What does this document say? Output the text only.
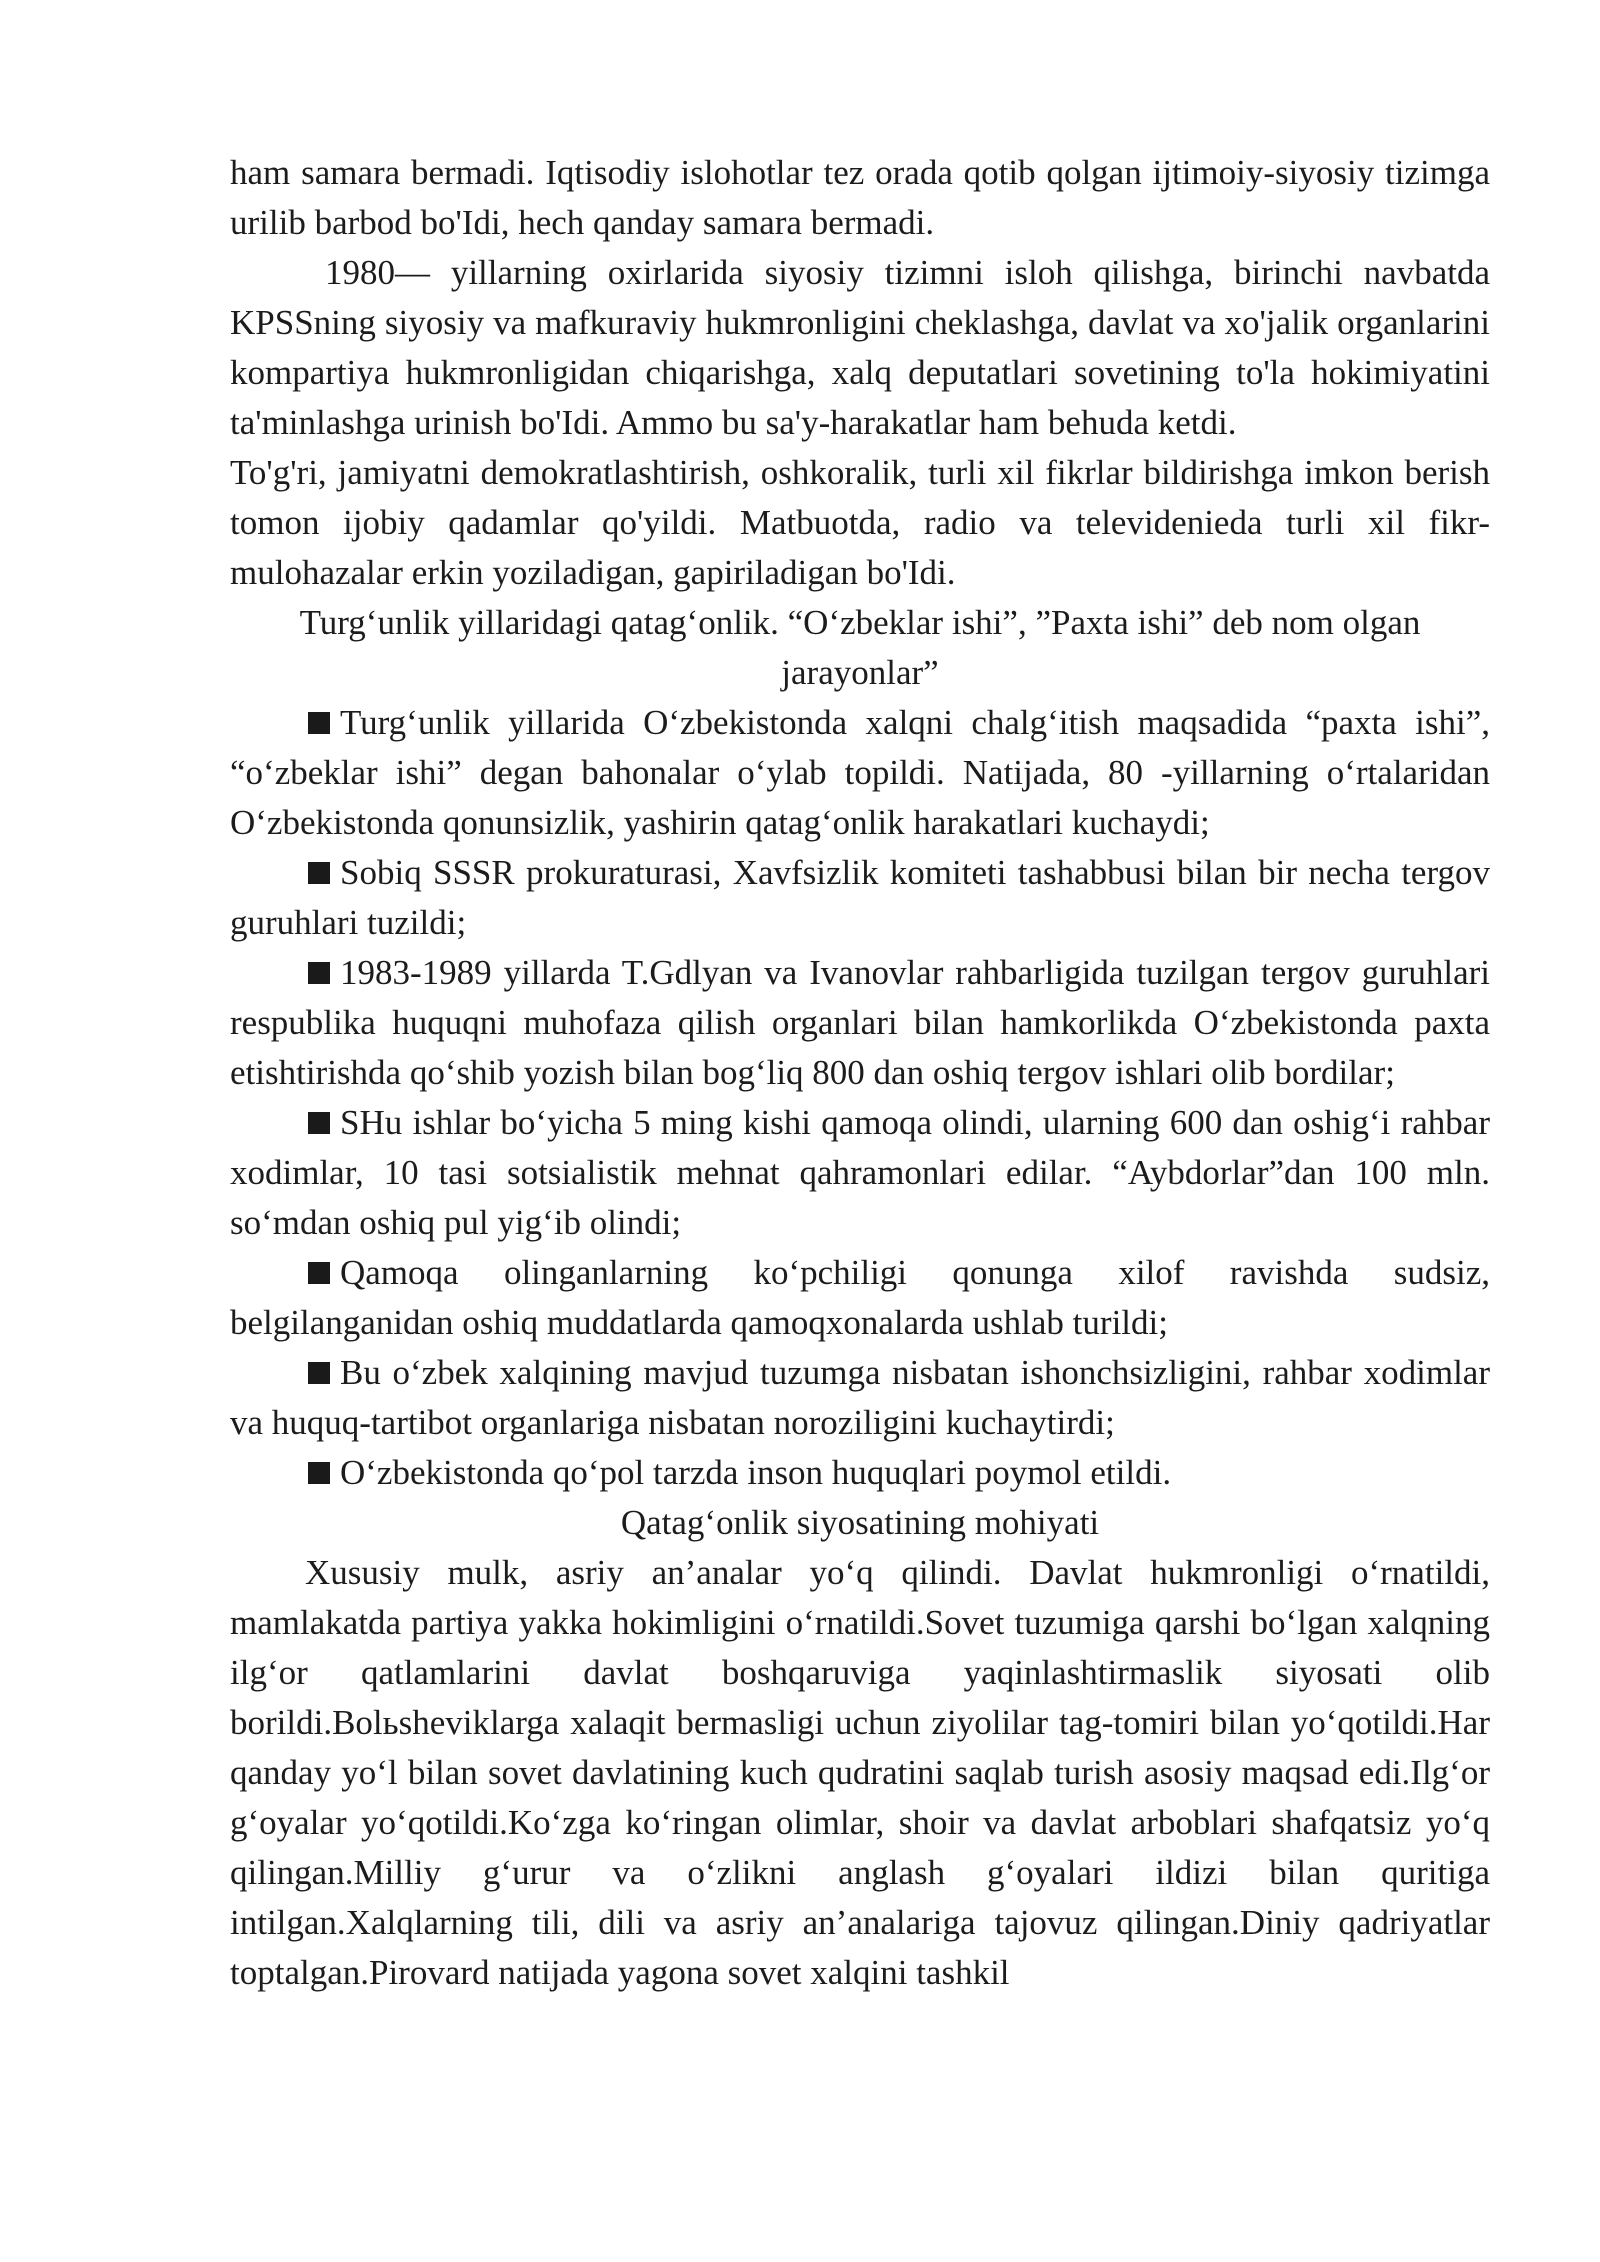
ham samara bermadi. Iqtisodiy islohotlar tez orada qotib qolgan ijtimoiy-siyosiy tizimga urilib barbod bo'Idi, hech qanday samara bermadi.

1980— yillarning oxirlarida siyosiy tizimni isloh qilishga, birinchi navbatda KPSSning siyosiy va mafkuraviy hukmronligini cheklashga, davlat va xo'jalik organlarini kompartiya hukmronligidan chiqarishga, xalq deputatlari sovetining to'la hokimiyatini ta'minlashga urinish bo'Idi. Ammo bu sa'y-harakatlar ham behuda ketdi.

To'g'ri, jamiyatni demokratlashtirish, oshkoralik, turli xil fikrlar bildirishga imkon berish tomon ijobiy qadamlar qo'yildi. Matbuotda, radio va televidenieda turli xil fikr-mulohazalar erkin yoziladigan, gapiriladigan bo'Idi.

Turg‘unlik yillaridagi qatag‘onlik. “O‘zbeklar ishi”, ”Paxta ishi” deb nom olgan jarayonlar”

Turg‘unlik yillarida O‘zbekistonda xalqni chalg‘itish maqsadida “paxta ishi”, “o‘zbeklar ishi” degan bahonalar o‘ylab topildi. Natijada, 80 -yillarning o‘rtalaridan O‘zbekistonda qonunsizlik, yashirin qatag‘onlik harakatlari kuchaydi;

Sobiq SSSR prokuraturasi, Xavfsizlik komiteti tashabbusi bilan bir necha tergov guruhlari tuzildi;

1983-1989 yillarda T.Gdlyan va Ivanovlar rahbarligida tuzilgan tergov guruhlari respublika huquqni muhofaza qilish organlari bilan hamkorlikda O‘zbekistonda paxta etishtirishda qo‘shib yozish bilan bog‘liq 800 dan oshiq tergov ishlari olib bordilar;

SHu ishlar bo‘yicha 5 ming kishi qamoqa olindi, ularning 600 dan oshig‘i rahbar xodimlar, 10 tasi sotsialistik mehnat qahramonlari edilar. “Aybdorlar”dan 100 mln. so‘mdan oshiq pul yig‘ib olindi;

Qamoqa olinganlarning ko‘pchiligi qonunga xilof ravishda sudsiz, belgilanganidan oshiq muddatlarda qamoqxonalarda ushlab turildi;

Bu o‘zbek xalqining mavjud tuzumga nisbatan ishonchsizligini, rahbar xodimlar va huquq-tartibot organlariga nisbatan noroziligini kuchaytirdi;

O‘zbekistonda qo‘pol tarzda inson huquqlari poymol etildi.

Qatag‘onlik siyosatining mohiyati

Xususiy mulk, asriy an’analar yo‘q qilindi. Davlat hukmronligi o‘rnatildi, mamlakatda partiya yakka hokimligini o‘rnatildi.Sovet tuzumiga qarshi bo‘lgan xalqning ilg‘or qatlamlarini davlat boshqaruviga yaqinlashtirmaslik siyosati olib borildi.Bolьsheviklarga xalaqit bermasligi uchun ziyolilar tag-tomiri bilan yo‘qotildi.Har qanday yo‘l bilan sovet davlatining kuch qudratini saqlab turish asosiy maqsad edi.Ilg‘or g‘oyalar yo‘qotildi.Ko‘zga ko‘ringan olimlar, shoir va davlat arboblari shafqatsiz yo‘q qilingan.Milliy g‘urur va o‘zlikni anglash g‘oyalari ildizi bilan quritiga intilgan.Xalqlarning tili, dili va asriy an’analariga tajovuz qilingan.Diniy qadriyatlar toptalgan.Pirovard natijada yagona sovet xalqini tashkil
